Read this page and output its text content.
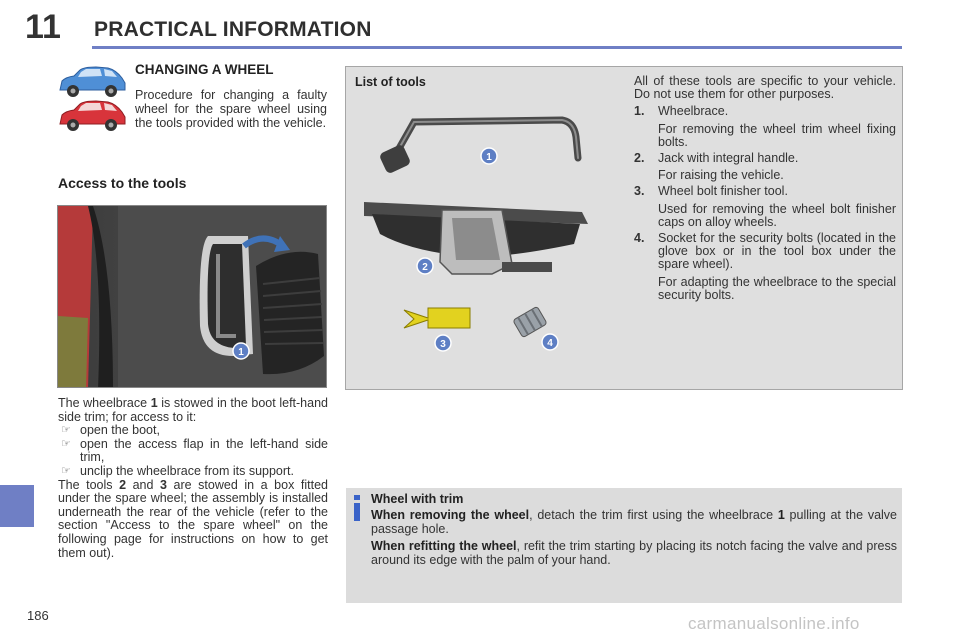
11 PRACTICAL INFORMATION
CHANGING A WHEEL
Procedure for changing a faulty wheel for the spare wheel using the tools provided with the vehicle.
Access to the tools
1

The wheelbrace 1 is stowed in the boot left-hand side trim; for access to it:

☞ open the boot,
☞ open the access flap in the left-hand side trim,
☞ unclip the wheelbrace from its support.

The tools 2 and 3 are stowed in a box fitted under the spare wheel; the assembly is installed underneath the rear of the vehicle (refer to the section "Access to the spare wheel" on the following page for instructions on how to get them out).

List of tools
1
2
3	4

All of these tools are specific to your vehicle. Do not use them for other purposes.

1. Wheelbrace.
For removing the wheel trim wheel fixing bolts.
2. Jack with integral handle.
For raising the vehicle.
3. Wheel bolt finisher tool.
Used for removing the wheel bolt finisher caps on alloy wheels.
4. Socket for the security bolts (located in the glove box or in the tool box under the spare wheel).
For adapting the wheelbrace to the special security bolts.
Wheel with trim

When removing the wheel, detach the trim first using the wheelbrace 1 pulling at the valve passage hole.

When refitting the wheel, refit the trim starting by placing its notch facing the valve and press around its edge with the palm of your hand.

186	carmanualsonline.info
